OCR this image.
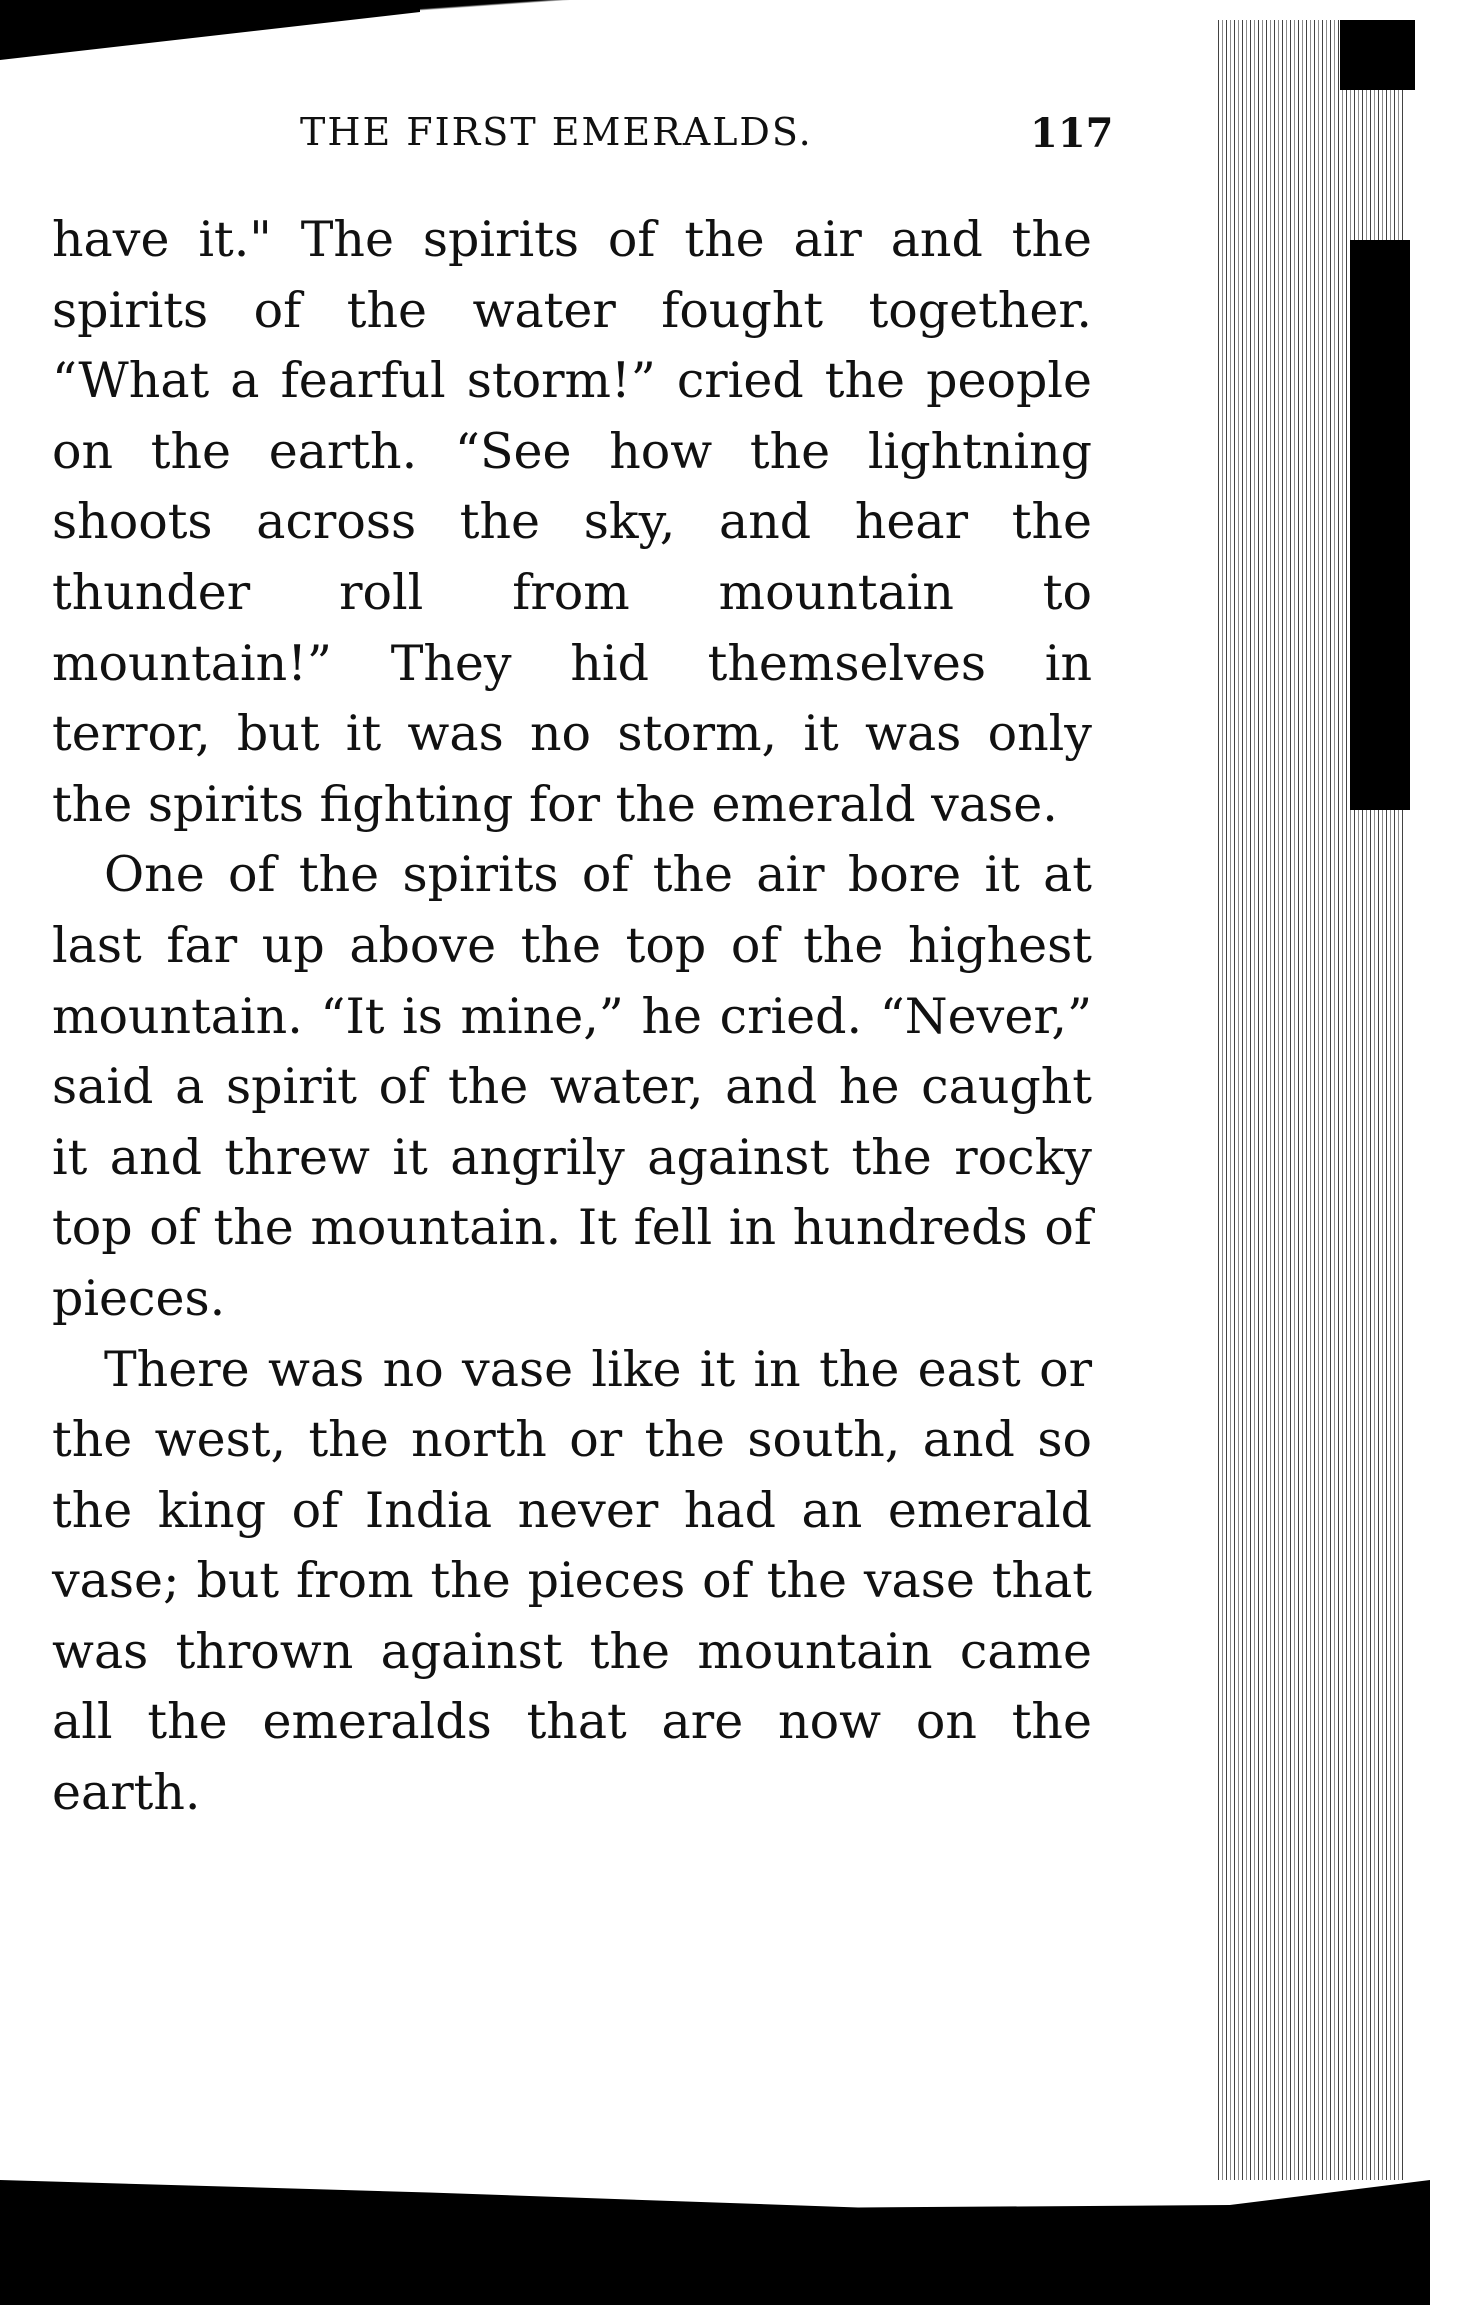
THE FIRST EMERALDS.	117

have it." The spirits of the air and the spirits of the water fought together. “What a fearful storm!” cried the people on the earth. “See how the lightning shoots across the sky, and hear the thunder roll from mountain to mountain!” They hid themselves in terror, but it was no storm, it was only the spirits fighting for the emerald vase.

One of the spirits of the air bore it at last far up above the top of the highest mountain. “It is mine,” he cried. “Never,” said a spirit of the water, and he caught it and threw it angrily against the rocky top of the mountain. It fell in hundreds of pieces.

There was no vase like it in the east or the west, the north or the south, and so the king of India never had an emerald vase; but from the pieces of the vase that was thrown against the mountain came all the emeralds that are now on the earth.
